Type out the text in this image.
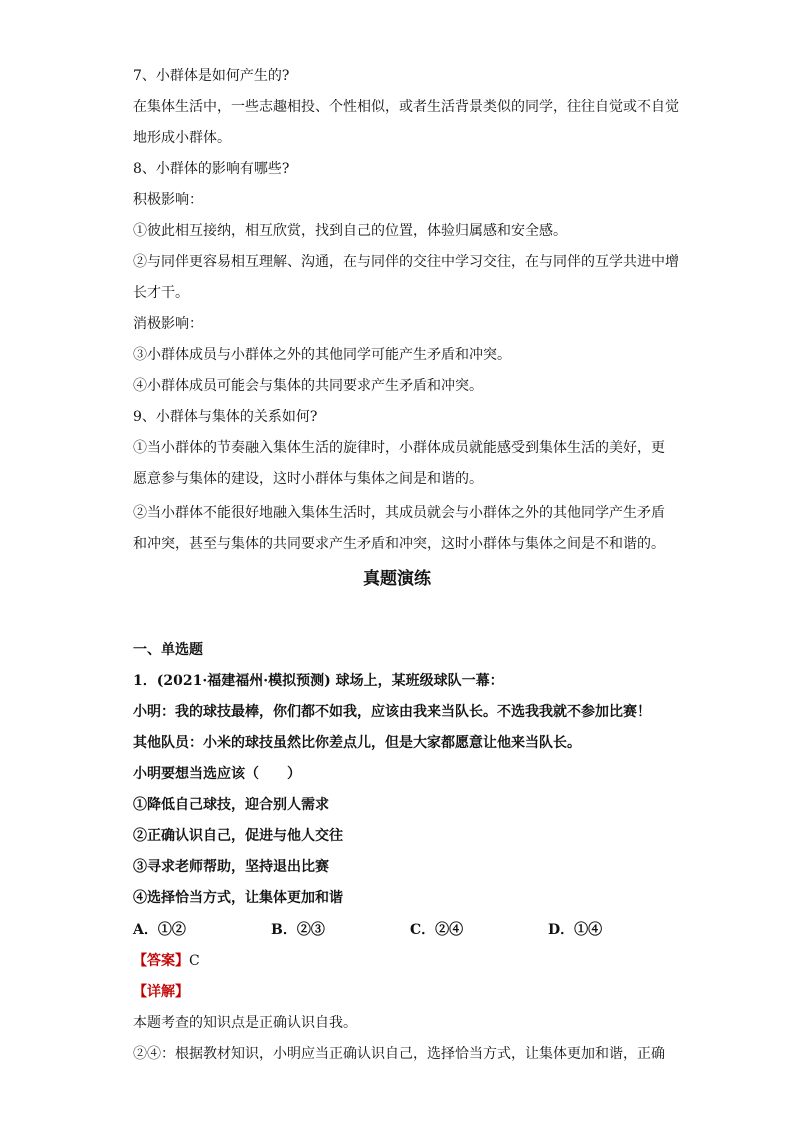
7、小群体是如何产生的?
在集体生活中，一些志趣相投、个性相似，或者生活背景类似的同学，往往自觉或不自觉
地形成小群体。
8、小群体的影响有哪些?
积极影响：
①彼此相互接纳，相互欣赏，找到自己的位置，体验归属感和安全感。
②与同伴更容易相互理解、沟通，在与同伴的交往中学习交往，在与同伴的互学共进中增
长才干。
消极影响：
③小群体成员与小群体之外的其他同学可能产生矛盾和冲突。
④小群体成员可能会与集体的共同要求产生矛盾和冲突。
9、小群体与集体的关系如何?
①当小群体的节奏融入集体生活的旋律时，小群体成员就能感受到集体生活的美好，更
愿意参与集体的建设，这时小群体与集体之间是和谐的。
②当小群体不能很好地融入集体生活时，其成员就会与小群体之外的其他同学产生矛盾
和冲突，甚至与集体的共同要求产生矛盾和冲突，这时小群体与集体之间是不和谐的。
真题演练
一、单选题
1．(2021·福建福州·模拟预测) 球场上，某班级球队一幕：
小明：我的球技最棒，你们都不如我，应该由我来当队长。不选我我就不参加比赛！
其他队员：小米的球技虽然比你差点儿，但是大家都愿意让他来当队长。
小明要想当选应该（　　）
①降低自己球技，迎合别人需求
②正确认识自己，促进与他人交往
③寻求老师帮助，坚持退出比赛
④选择恰当方式，让集体更加和谐
A．①②	B．②③	C．②④	D．①④
【答案】C
【详解】
本题考查的知识点是正确认识自我。
②④：根据教材知识，小明应当正确认识自己，选择恰当方式，让集体更加和谐，正确
